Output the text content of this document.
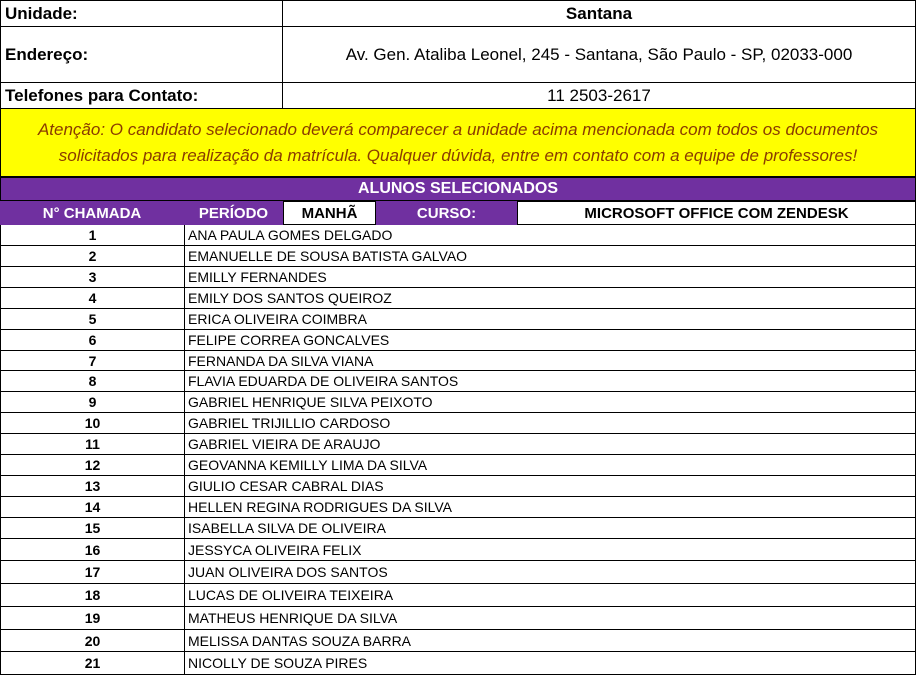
Unidade:	Santana
Endereço:	Av. Gen. Ataliba Leonel, 245 - Santana, São Paulo - SP, 02033-000
Telefones para Contato:	11 2503-2617
Atenção: O candidato selecionado deverá comparecer a unidade acima mencionada com todos os documentos solicitados para realização da matrícula. Qualquer dúvida, entre em contato com a equipe de professores!
ALUNOS SELECIONADOS
N° CHAMADA	PERÍODO	MANHÃ	CURSO:	MICROSOFT OFFICE COM ZENDESK
1	ANA PAULA GOMES DELGADO
2	EMANUELLE DE SOUSA BATISTA GALVAO
3	EMILLY FERNANDES
4	EMILY DOS SANTOS QUEIROZ
5	ERICA OLIVEIRA COIMBRA
6	FELIPE CORREA GONCALVES
7	FERNANDA DA SILVA VIANA
8	FLAVIA EDUARDA DE OLIVEIRA SANTOS
9	GABRIEL HENRIQUE SILVA PEIXOTO
10	GABRIEL TRIJILLIO CARDOSO
11	GABRIEL VIEIRA DE ARAUJO
12	GEOVANNA KEMILLY LIMA DA SILVA
13	GIULIO CESAR CABRAL DIAS
14	HELLEN REGINA RODRIGUES DA SILVA
15	ISABELLA SILVA DE OLIVEIRA
16	JESSYCA OLIVEIRA FELIX
17	JUAN OLIVEIRA DOS SANTOS
18	LUCAS DE OLIVEIRA TEIXEIRA
19	MATHEUS HENRIQUE DA SILVA
20	MELISSA DANTAS SOUZA BARRA
21	NICOLLY DE SOUZA PIRES
